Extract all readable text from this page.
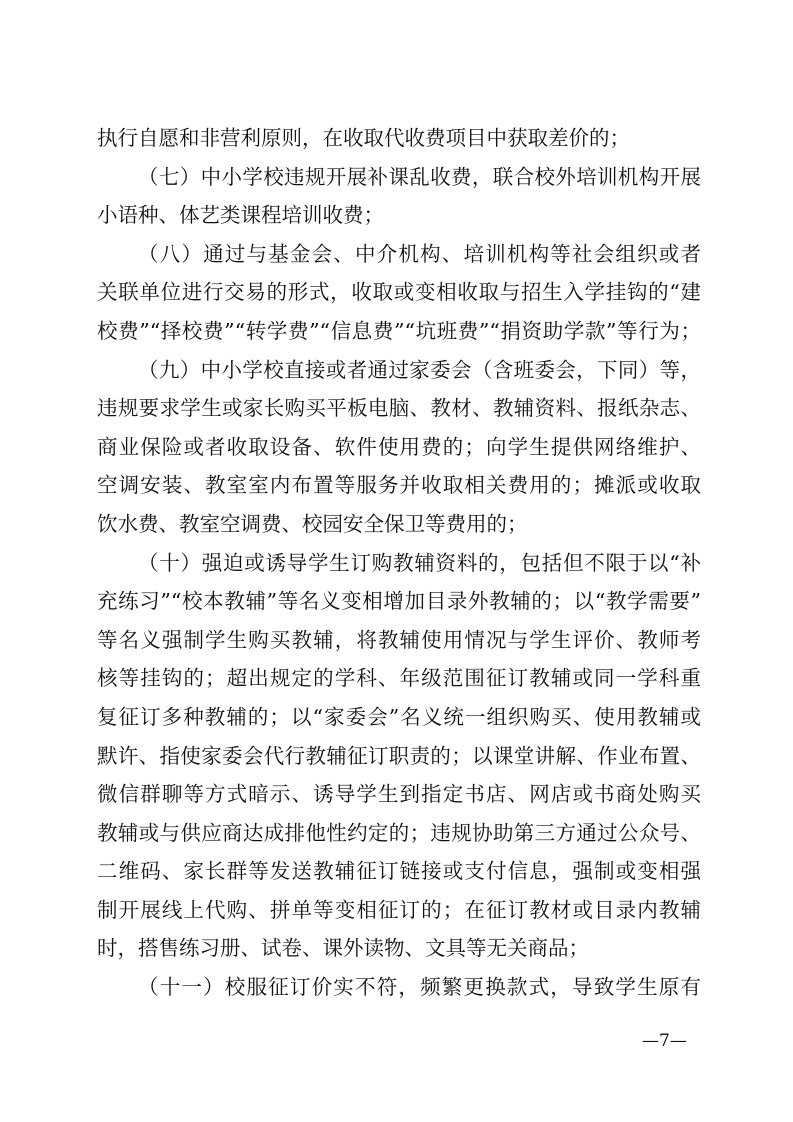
执行自愿和非营利原则，在收取代收费项目中获取差价的；
（七）中小学校违规开展补课乱收费，联合校外培训机构开展
小语种、体艺类课程培训收费；
（八）通过与基金会、中介机构、培训机构等社会组织或者
关联单位进行交易的形式，收取或变相收取与招生入学挂钩的“建
校费”“择校费”“转学费”“信息费”“坑班费”“捐资助学款”等行为；
（九）中小学校直接或者通过家委会（含班委会，下同）等，
违规要求学生或家长购买平板电脑、教材、教辅资料、报纸杂志、
商业保险或者收取设备、软件使用费的；向学生提供网络维护、
空调安装、教室室内布置等服务并收取相关费用的；摊派或收取
饮水费、教室空调费、校园安全保卫等费用的；
（十）强迫或诱导学生订购教辅资料的，包括但不限于以“补
充练习”“校本教辅”等名义变相增加目录外教辅的；以“教学需要”
等名义强制学生购买教辅，将教辅使用情况与学生评价、教师考
核等挂钩的；超出规定的学科、年级范围征订教辅或同一学科重
复征订多种教辅的；以“家委会”名义统一组织购买、使用教辅或
默许、指使家委会代行教辅征订职责的；以课堂讲解、作业布置、
微信群聊等方式暗示、诱导学生到指定书店、网店或书商处购买
教辅或与供应商达成排他性约定的；违规协助第三方通过公众号、
二维码、家长群等发送教辅征订链接或支付信息，强制或变相强
制开展线上代购、拼单等变相征订的；在征订教材或目录内教辅
时，搭售练习册、试卷、课外读物、文具等无关商品；
（十一）校服征订价实不符，频繁更换款式，导致学生原有
—7—
